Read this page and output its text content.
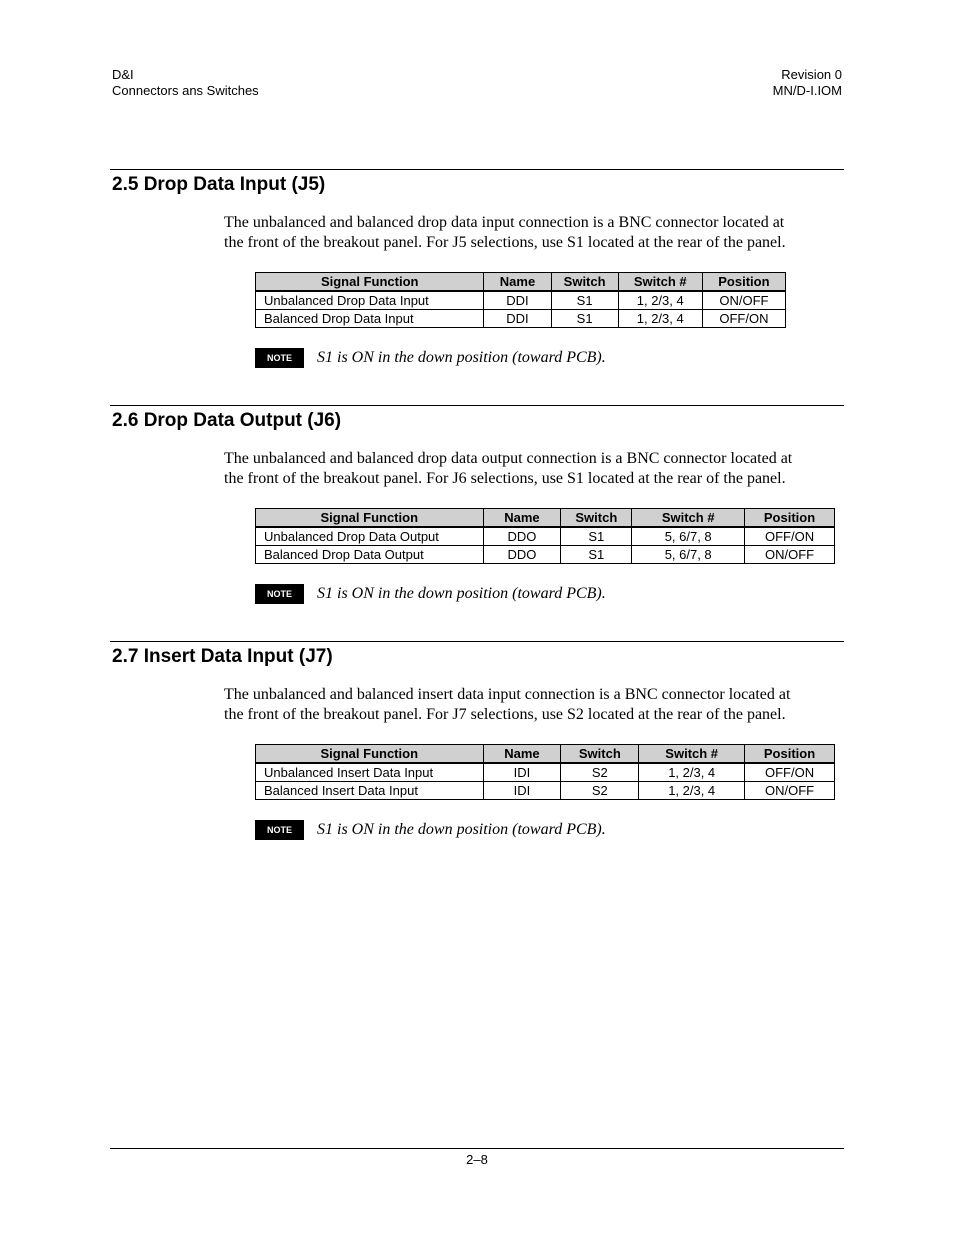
D&I
Connectors ans Switches
Revision 0
MN/D-I.IOM
2.5 Drop Data Input (J5)
The unbalanced and balanced drop data input connection is a BNC connector located at
the front of the breakout panel. For J5 selections, use S1 located at the rear of the panel.
Signal Function	Name	Switch	Switch #	Position
Unbalanced Drop Data Input	DDI	S1	1, 2/3, 4	ON/OFF
Balanced Drop Data Input	DDI	S1	1, 2/3, 4	OFF/ON
NOTE	S1 is ON in the down position (toward PCB).
2.6 Drop Data Output (J6)
The unbalanced and balanced drop data output connection is a BNC connector located at
the front of the breakout panel. For J6 selections, use S1 located at the rear of the panel.
Signal Function	Name	Switch	Switch #	Position
Unbalanced Drop Data Output	DDO	S1	5, 6/7, 8	OFF/ON
Balanced Drop Data Output	DDO	S1	5, 6/7, 8	ON/OFF
NOTE	S1 is ON in the down position (toward PCB).
2.7 Insert Data Input (J7)
The unbalanced and balanced insert data input connection is a BNC connector located at
the front of the breakout panel. For J7 selections, use S2 located at the rear of the panel.
Signal Function	Name	Switch	Switch #	Position
Unbalanced Insert Data Input	IDI	S2	1, 2/3, 4	OFF/ON
Balanced Insert Data Input	IDI	S2	1, 2/3, 4	ON/OFF
NOTE	S1 is ON in the down position (toward PCB).
2–8
